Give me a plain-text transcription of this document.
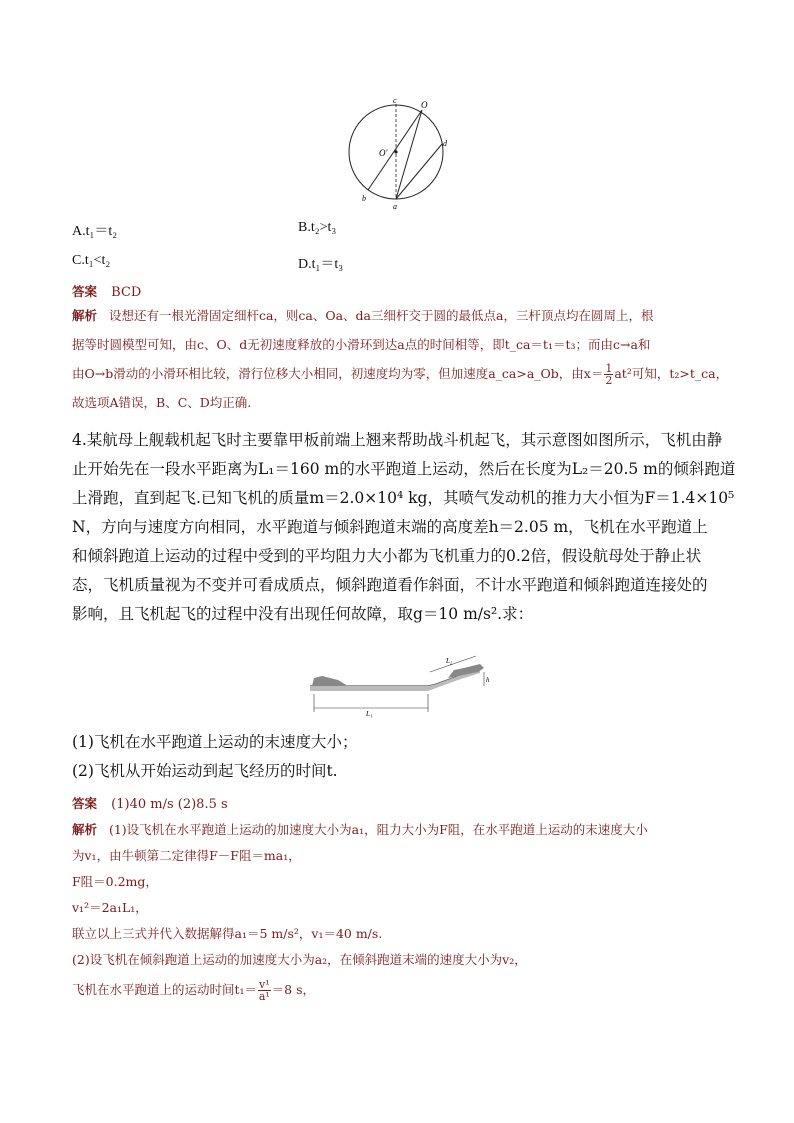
c	O
O'
d
b
a
A.t₁＝t₂	B.t₂>t₃
C.t₁<t₂	D.t₁＝t₃
答案 BCD
解析 设想还有一根光滑固定细杆ca，则ca、Oa、da三细杆交于圆的最低点a，三杆顶点均在圆周上，根
据等时圆模型可知，由c、O、d无初速度释放的小滑环到达a点的时间相等，即t_ca＝t₁＝t₃；而由c→a和
由O→b滑动的小滑环相比较，滑行位移大小相同，初速度均为零，但加速度a_ca>a_Ob，由$x= \frac{1}{2} at^2$可知，t₂>t_ca，
故选项A错误，B、C、D均正确.
4.某航母上舰载机起飞时主要靠甲板前端上翘来帮助战斗机起飞，其示意图如图所示，飞机由静
止开始先在一段水平距离为L₁＝160 m的水平跑道上运动，然后在长度为L₂＝20.5 m的倾斜跑道
上滑跑，直到起飞.已知飞机的质量m＝2.0×10⁴ kg，其喷气发动机的推力大小恒为F＝1.4×10⁵
N，方向与速度方向相同，水平跑道与倾斜跑道末端的高度差h＝2.05 m，飞机在水平跑道上
和倾斜跑道上运动的过程中受到的平均阻力大小都为飞机重力的0.2倍，假设航母处于静止状
态，飞机质量视为不变并可看成质点，倾斜跑道看作斜面，不计水平跑道和倾斜跑道连接处的
影响，且飞机起飞的过程中没有出现任何故障，取g＝10 m/s².求：
L₁
L₂
h
(1)飞机在水平跑道上运动的末速度大小；
(2)飞机从开始运动到起飞经历的时间t.
答案 (1)40 m/s (2)8.5 s
解析 (1)设飞机在水平跑道上运动的加速度大小为a₁，阻力大小为F阻，在水平跑道上运动的末速度大小
为v₁，由牛顿第二定律得F－F阻＝ma₁，
F阻＝0.2mg，
v₁²＝2a₁L₁，
联立以上三式并代入数据解得a₁＝5 m/s²，v₁＝40 m/s.
(2)设飞机在倾斜跑道上运动的加速度大小为a₂，在倾斜跑道末端的速度大小为v₂，
飞机在水平跑道上的运动时间$t_1= \frac{\text{v¹}}{\text{a¹}} =8$ s，
